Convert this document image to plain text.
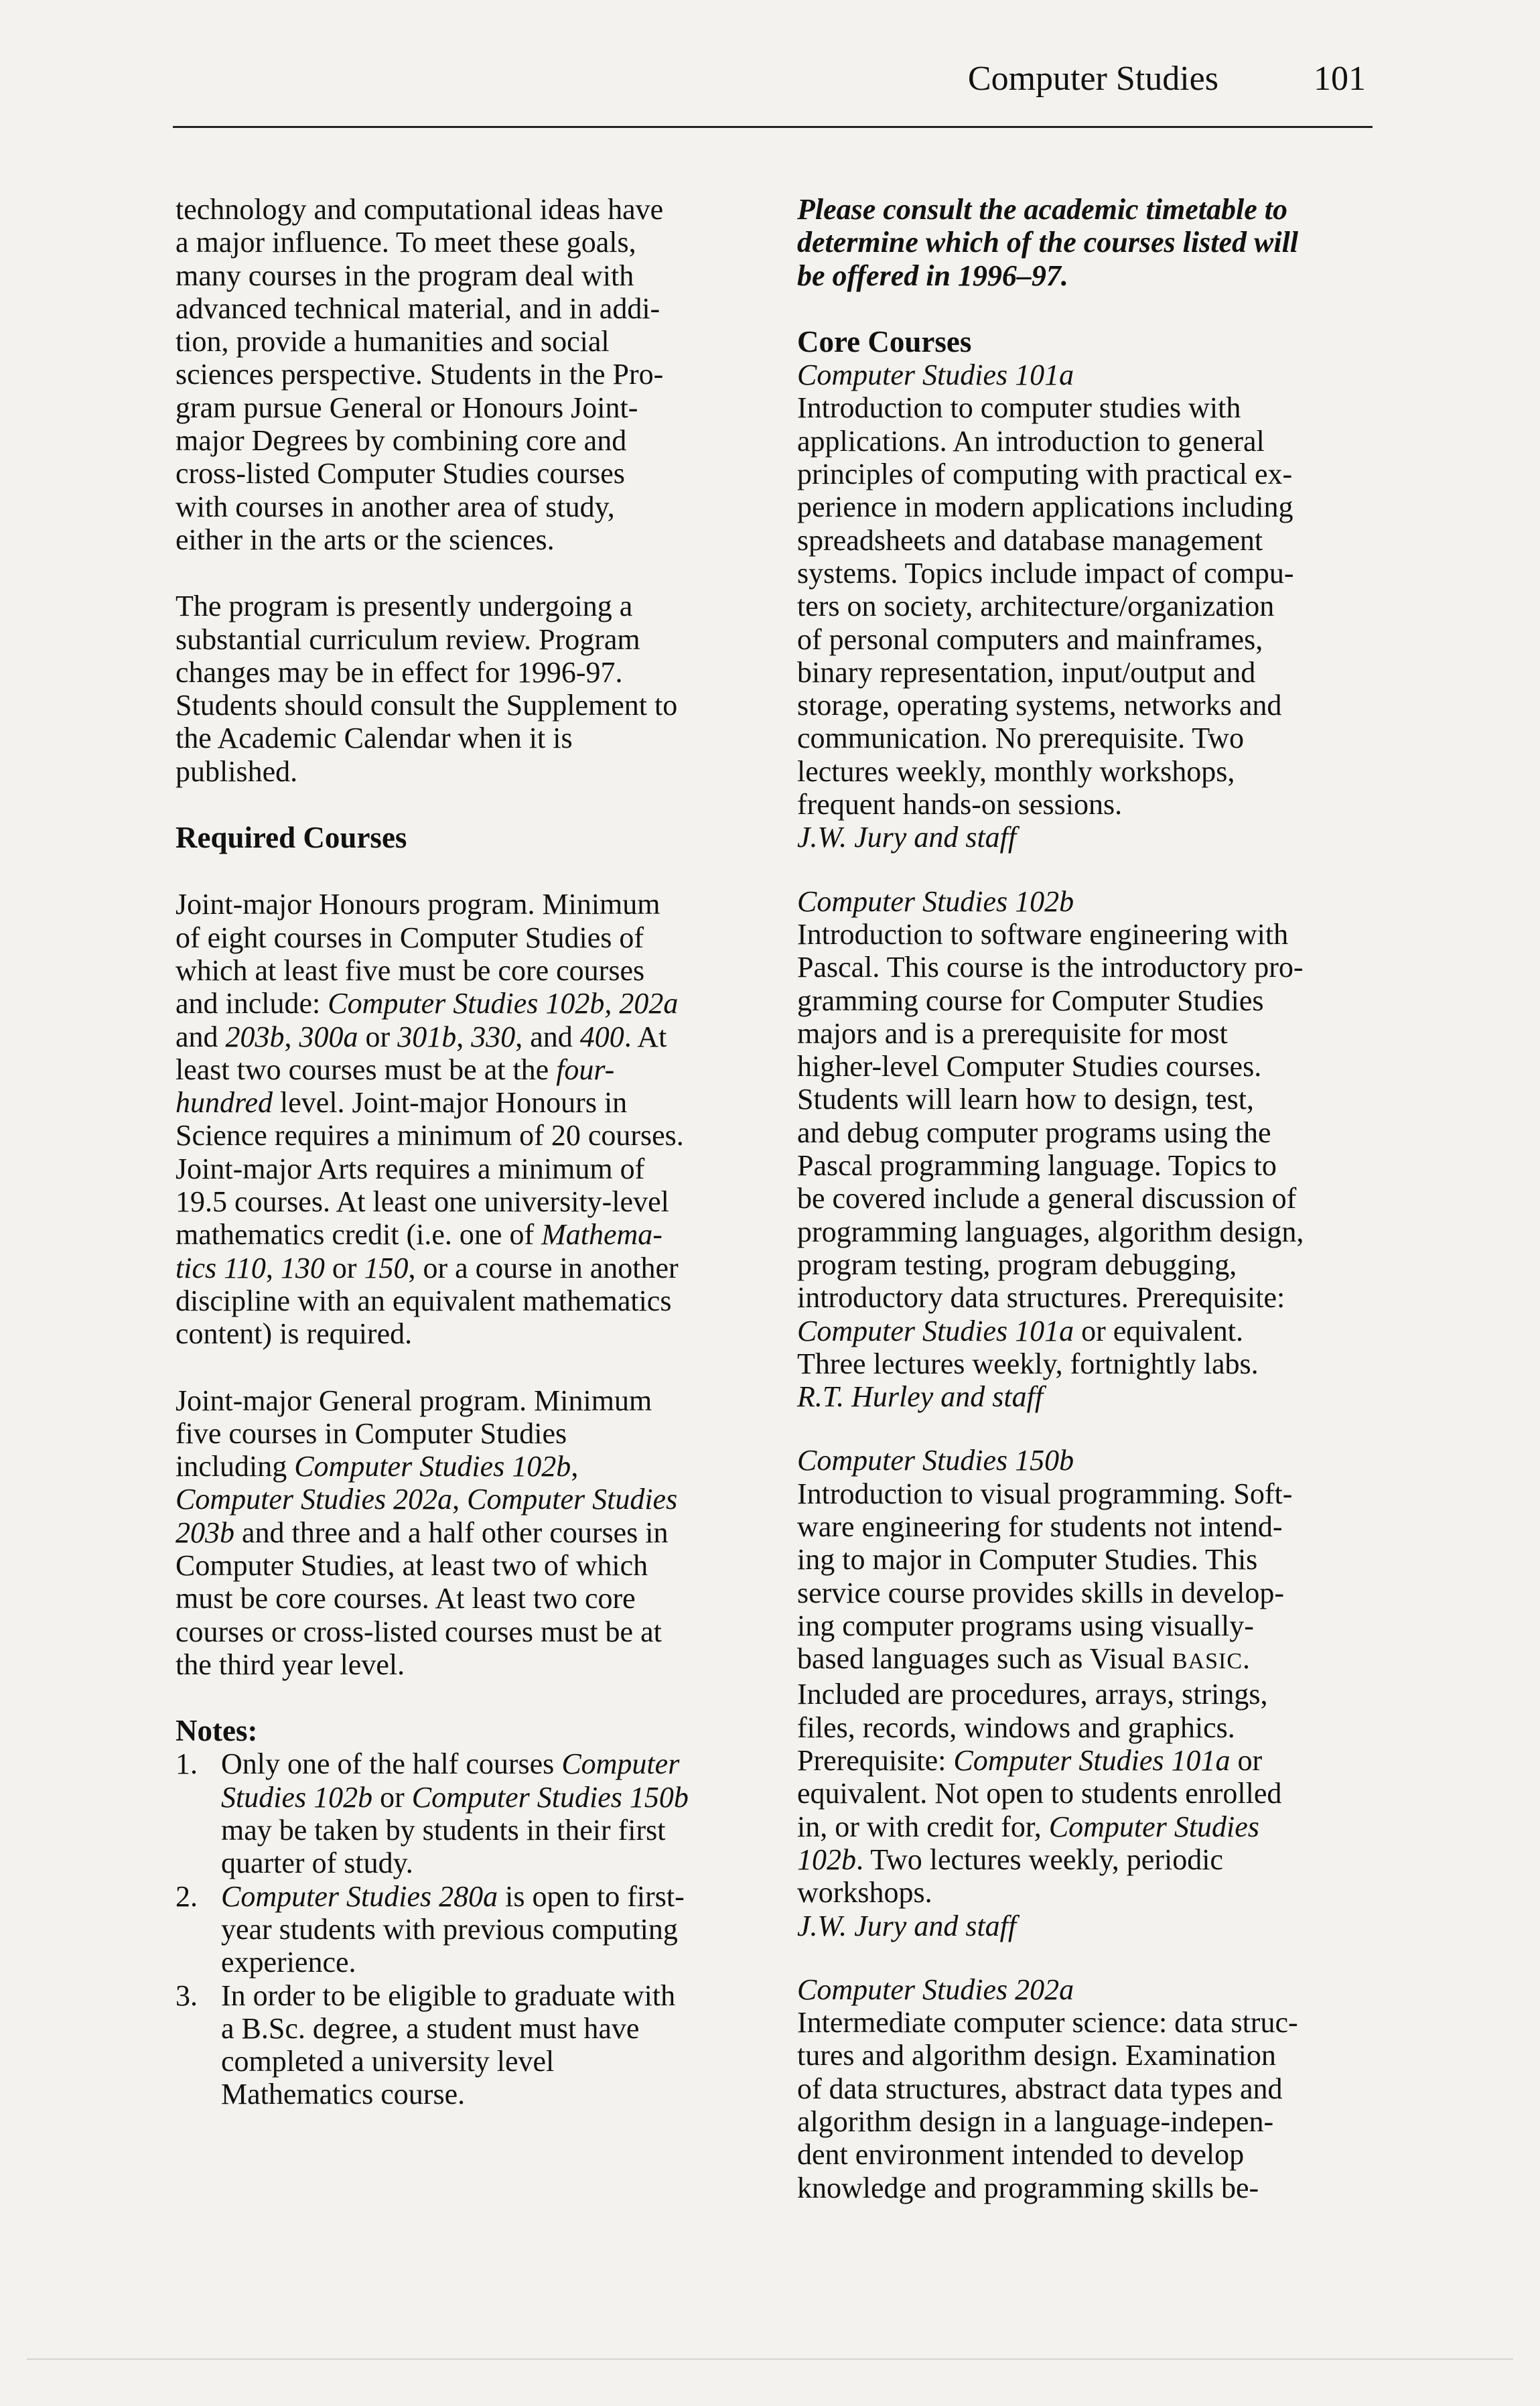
Computer Studies	101

technology and computational ideas have

a major influence. To meet these goals,

many courses in the program deal with

advanced technical material, and in addi-

tion, provide a humanities and social

sciences perspective. Students in the Pro-

gram pursue General or Honours Joint-

major Degrees by combining core and

cross-listed Computer Studies courses

with courses in another area of study,

either in the arts or the sciences.

The program is presently undergoing a

substantial curriculum review. Program

changes may be in effect for 1996-97.

Students should consult the Supplement to

the Academic Calendar when it is

published.

Required Courses

Joint-major Honours program. Minimum

of eight courses in Computer Studies of

which at least five must be core courses

and include: Computer Studies 102b, 202a

and 203b, 300a or 301b, 330, and 400. At

least two courses must be at the four-

hundred level. Joint-major Honours in

Science requires a minimum of 20 courses.

Joint-major Arts requires a minimum of

19.5 courses. At least one university-level

mathematics credit (i.e. one of Mathema-

tics 110, 130 or 150, or a course in another

discipline with an equivalent mathematics

content) is required.

Joint-major General program. Minimum

five courses in Computer Studies

including Computer Studies 102b,

Computer Studies 202a, Computer Studies

203b and three and a half other courses in

Computer Studies, at least two of which

must be core courses. At least two core

courses or cross-listed courses must be at

the third year level.

Notes:
1. Only one of the half courses Computer

Studies 102b or Computer Studies 150b

may be taken by students in their first

quarter of study.

2. Computer Studies 280a is open to first-

year students with previous computing

experience.

3. In order to be eligible to graduate with

a B.Sc. degree, a student must have

completed a university level

Mathematics course.

Please consult the academic timetable to

determine which of the courses listed will

be offered in 1996–97.

Core Courses

Computer Studies 101a

Introduction to computer studies with

applications. An introduction to general

principles of computing with practical ex-

perience in modern applications including

spreadsheets and database management

systems. Topics include impact of compu-

ters on society, architecture/organization

of personal computers and mainframes,

binary representation, input/output and

storage, operating systems, networks and

communication. No prerequisite. Two

lectures weekly, monthly workshops,

frequent hands-on sessions.

J.W. Jury and staff

Computer Studies 102b

Introduction to software engineering with

Pascal. This course is the introductory pro-

gramming course for Computer Studies

majors and is a prerequisite for most

higher-level Computer Studies courses.

Students will learn how to design, test,

and debug computer programs using the

Pascal programming language. Topics to

be covered include a general discussion of

programming languages, algorithm design,

program testing, program debugging,

introductory data structures. Prerequisite:

Computer Studies 101a or equivalent.

Three lectures weekly, fortnightly labs.

R.T. Hurley and staff

Computer Studies 150b

Introduction to visual programming. Soft-

ware engineering for students not intend-

ing to major in Computer Studies. This

service course provides skills in develop-

ing computer programs using visually-

based languages such as Visual BASIC.

Included are procedures, arrays, strings,

files, records, windows and graphics.

Prerequisite: Computer Studies 101a or

equivalent. Not open to students enrolled

in, or with credit for, Computer Studies

102b. Two lectures weekly, periodic

workshops.

J.W. Jury and staff

Computer Studies 202a

Intermediate computer science: data struc-

tures and algorithm design. Examination

of data structures, abstract data types and

algorithm design in a language-indepen-

dent environment intended to develop

knowledge and programming skills be-
